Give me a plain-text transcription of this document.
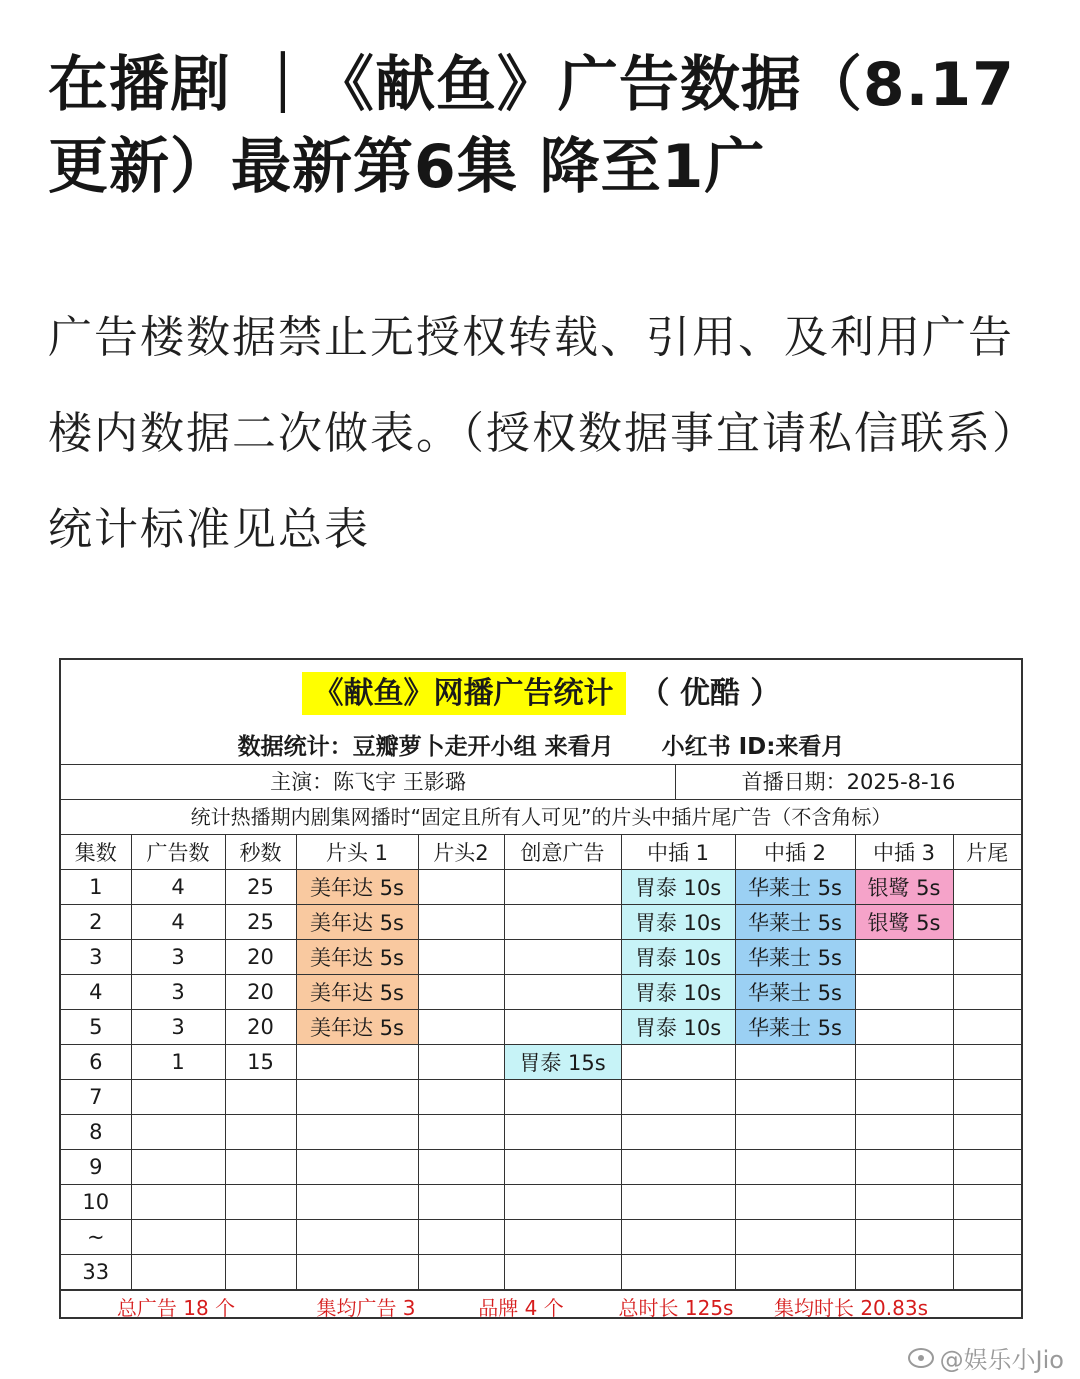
在播剧 ｜《献鱼》广告数据（8.17更新）最新第6集 降至1广
广告楼数据禁止无授权转载、引用、及利用广告楼内数据二次做表。（授权数据事宜请私信联系） 统计标准见总表
《献鱼》网播广告统计 （ 优酷 ）
数据统计：豆瓣萝卜走开小组 来看月 小红书 ID:来看月
主演：陈飞宇 王影璐	首播日期：2025-8-16
统计热播期内剧集网播时“固定且所有人可见”的片头中插片尾广告（不含角标）
集数	广告数	秒数	片头 1	片头2	创意广告	中插 1	中插 2	中插 3	片尾
1	4	25	美年达 5s			胃泰 10s	华莱士 5s	银鹭 5s	
2	4	25	美年达 5s			胃泰 10s	华莱士 5s	银鹭 5s	
3	3	20	美年达 5s			胃泰 10s	华莱士 5s		
4	3	20	美年达 5s			胃泰 10s	华莱士 5s		
5	3	20	美年达 5s			胃泰 10s	华莱士 5s		
6	1	15			胃泰 15s				
7									
8									
9									
10									
~									
33									
总广告 18 个	集均广告 3	品牌 4 个	总时长 125s	集均时长 20.83s
@娱乐小Jio
